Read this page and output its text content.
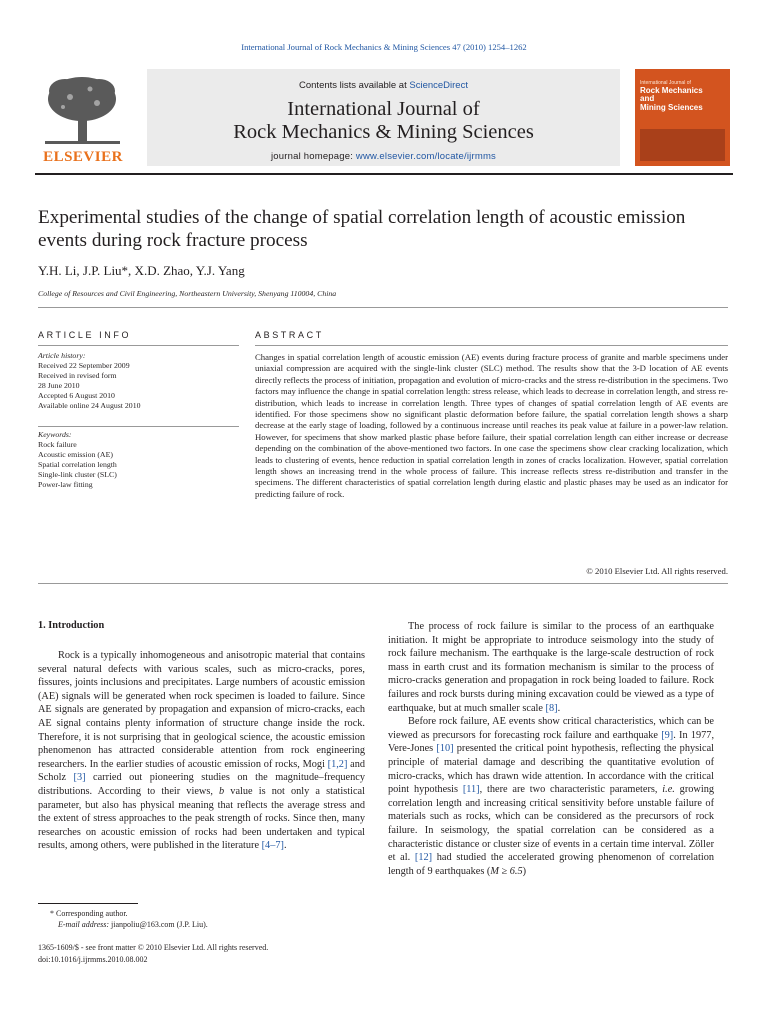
International Journal of Rock Mechanics & Mining Sciences 47 (2010) 1254–1262
ELSEVIER
Contents lists available at ScienceDirect
International Journal of
Rock Mechanics & Mining Sciences
journal homepage: www.elsevier.com/locate/ijrmms
International Journal of
Rock Mechanics
and
Mining Sciences
Experimental studies of the change of spatial correlation length of acoustic emission events during rock fracture process
Y.H. Li, J.P. Liu*, X.D. Zhao, Y.J. Yang
College of Resources and Civil Engineering, Northeastern University, Shenyang 110004, China
ARTICLE INFO	ABSTRACT
Article history:
Received 22 September 2009
Received in revised form
28 June 2010
Accepted 6 August 2010
Available online 24 August 2010
Keywords:
Rock failure
Acoustic emission (AE)
Spatial correlation length
Single-link cluster (SLC)
Power-law fitting
Changes in spatial correlation length of acoustic emission (AE) events during fracture process of granite and marble specimens under uniaxial compression are acquired with the single-link cluster (SLC) method. The results show that the 3-D location of AE events directly reflects the process of initiation, propagation and evolution of micro-cracks and the stress re-distribution in the specimens. Two factors may influence the change in spatial correlation length: stress release, which leads to decrease in correlation length, and stress re-distribution, which leads to increase in correlation length. Three types of changes of spatial correlation length of AE events are identified. For those specimens show no significant plastic deformation before failure, the spatial correlation length shows a sharp decrease at the early stage of loading, followed by a continuous increase until reaches its peak value at failure in a power-law relation. However, for specimens that show marked plastic phase before failure, their spatial correlation length can either increase or decrease depending on the combination of the above-mentioned two factors. In one case the specimens show clear cracking localization, which leads to clustering of events, hence reduction in spatial correlation length in zones of cracks localization. However, spatial correlation length shows an increasing trend in the whole process of failure. This increase reflects stress re-distribution and transfer in the specimens. The different characteristics of spatial correlation length during elastic and plastic phases may be used as an indicator for predicting failure of rock.
© 2010 Elsevier Ltd. All rights reserved.
1. Introduction

Rock is a typically inhomogeneous and anisotropic material that contains several natural defects with various scales, such as micro-cracks, pores, fissures, joints inclusions and precipitates. Large numbers of acoustic emission (AE) signals will be generated when rock specimen is loaded to failure. Since AE signals are generated by propagation and expansion of micro-cracks, each AE signal contains plenty information of structure change inside the rock. Therefore, it is not surprising that in geological science, the acoustic emission phenomenon has attracted considerable attention from rock engineering researchers. In the earlier studies of acoustic emission of rocks, Mogi [1,2] and Scholz [3] carried out pioneering studies on the magnitude–frequency distributions. According to their views, b value is not only a statistical parameter, but also has physical meaning that reflects the average stress and the extent of stress approaches to the peak strength of rocks. Since then, many researches on acoustic emission of rocks had been undertaken and typical results, among others, were published in the literature [4–7].

The process of rock failure is similar to the process of an earthquake initiation. It might be appropriate to introduce seismology into the study of rock failure mechanism. The earthquake is the large-scale destruction of rock mass in earth crust and its formation mechanism is similar to the process of micro-cracks generation and propagation in rock being loaded to failure. Rock failures and rock bursts during mining excavation could be viewed as a type of earthquake, but at much smaller scale [8].

Before rock failure, AE events show critical characteristics, which can be viewed as precursors for forecasting rock failure and earthquake [9]. In 1977, Vere-Jones [10] presented the critical point hypothesis, reflecting the physical principle of material damage and describing the quantitative evolution of micro-cracks, which has drawn wide attention. In accordance with the critical point hypothesis [11], there are two characteristic parameters, i.e. growing correlation length and increasing critical sensitivity before unstable failure of materials such as rocks, which can be considered as the precursors of rock failure. In seismology, the spatial correlation can be considered as a characteristic distance or cluster size of events in a certain time interval. Zöller et al. [12] had studied the accelerated growing phenomenon of correlation length of 9 earthquakes (M ≥ 6.5)

* Corresponding author.
E-mail address: jianpoliu@163.com (J.P. Liu).
1365-1609/$ - see front matter © 2010 Elsevier Ltd. All rights reserved.
doi:10.1016/j.ijrmms.2010.08.002
